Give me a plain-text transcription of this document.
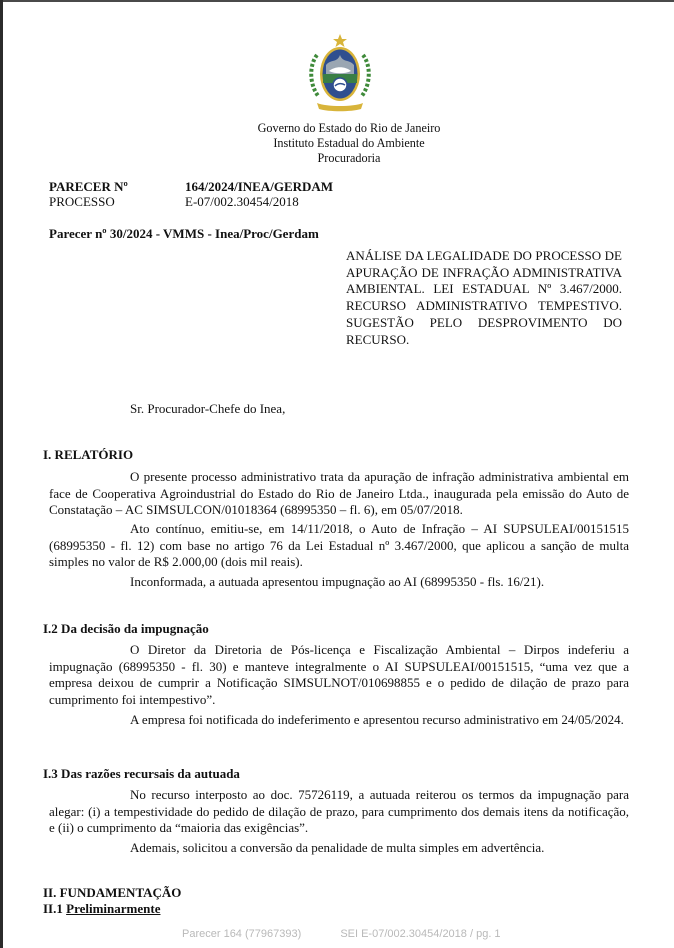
Governo do Estado do Rio de Janeiro
Instituto Estadual do Ambiente
Procuradoria
PARECER Nº	164/2024/INEA/GERDAM
PROCESSO	E-07/002.30454/2018
Parecer nº 30/2024 - VMMS - Inea/Proc/Gerdam
ANÁLISE DA LEGALIDADE DO PROCESSO DE APURAÇÃO DE INFRAÇÃO ADMINISTRATIVA AMBIENTAL. LEI ESTADUAL Nº 3.467/2000. RECURSO ADMINISTRATIVO TEMPESTIVO. SUGESTÃO PELO DESPROVIMENTO DO RECURSO.
Sr. Procurador-Chefe do Inea,
I. RELATÓRIO
O presente processo administrativo trata da apuração de infração administrativa ambiental em face de Cooperativa Agroindustrial do Estado do Rio de Janeiro Ltda., inaugurada pela emissão do Auto de Constatação – AC SIMSULCON/01018364 (68995350 – fl. 6), em 05/07/2018.
Ato contínuo, emitiu-se, em 14/11/2018, o Auto de Infração – AI SUPSULEAI/00151515 (68995350 - fl. 12) com base no artigo 76 da Lei Estadual nº 3.467/2000, que aplicou a sanção de multa simples no valor de R$ 2.000,00 (dois mil reais).
Inconformada, a autuada apresentou impugnação ao AI (68995350 - fls. 16/21).
I.2 Da decisão da impugnação
O Diretor da Diretoria de Pós-licença e Fiscalização Ambiental – Dirpos indeferiu a impugnação (68995350 - fl. 30) e manteve integralmente o AI SUPSULEAI/00151515, “uma vez que a empresa deixou de cumprir a Notificação SIMSULNOT/010698855 e o pedido de dilação de prazo para cumprimento foi intempestivo”.
A empresa foi notificada do indeferimento e apresentou recurso administrativo em 24/05/2024.
I.3 Das razões recursais da autuada
No recurso interposto ao doc. 75726119, a autuada reiterou os termos da impugnação para alegar: (i) a tempestividade do pedido de dilação de prazo, para cumprimento dos demais itens da notificação, e (ii) o cumprimento da “maioria das exigências”.
Ademais, solicitou a conversão da penalidade de multa simples em advertência.
II. FUNDAMENTAÇÃO
II.1 Preliminarmente
Parecer 164 (77967393)	SEI E-07/002.30454/2018 / pg. 1
